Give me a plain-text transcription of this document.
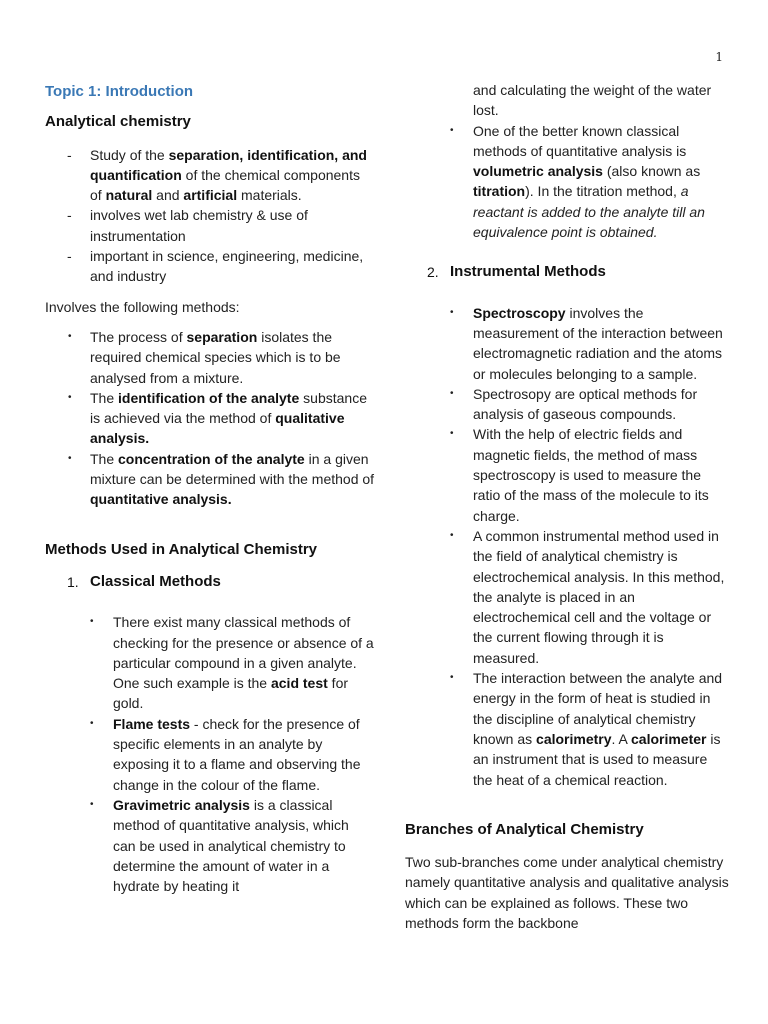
1
Topic 1: Introduction
Analytical chemistry
- Study of the separation, identification, and quantification of the chemical components of natural and artificial materials.
- involves wet lab chemistry & use of instrumentation
- important in science, engineering, medicine, and industry
Involves the following methods:
• The process of separation isolates the required chemical species which is to be analysed from a mixture.
• The identification of the analyte substance is achieved via the method of qualitative analysis.
• The concentration of the analyte in a given mixture can be determined with the method of quantitative analysis.
Methods Used in Analytical Chemistry
1. Classical Methods
• There exist many classical methods of checking for the presence or absence of a particular compound in a given analyte. One such example is the acid test for gold.
• Flame tests - check for the presence of specific elements in an analyte by exposing it to a flame and observing the change in the colour of the flame.
• Gravimetric analysis is a classical method of quantitative analysis, which can be used in analytical chemistry to determine the amount of water in a hydrate by heating it
and calculating the weight of the water lost.
• One of the better known classical methods of quantitative analysis is volumetric analysis (also known as titration). In the titration method, a reactant is added to the analyte till an equivalence point is obtained.
2. Instrumental Methods
• Spectroscopy involves the measurement of the interaction between electromagnetic radiation and the atoms or molecules belonging to a sample.
• Spectrosopy are optical methods for analysis of gaseous compounds.
• With the help of electric fields and magnetic fields, the method of mass spectroscopy is used to measure the ratio of the mass of the molecule to its charge.
• A common instrumental method used in the field of analytical chemistry is electrochemical analysis. In this method, the analyte is placed in an electrochemical cell and the voltage or the current flowing through it is measured.
• The interaction between the analyte and energy in the form of heat is studied in the discipline of analytical chemistry known as calorimetry. A calorimeter is an instrument that is used to measure the heat of a chemical reaction.
Branches of Analytical Chemistry
Two sub-branches come under analytical chemistry namely quantitative analysis and qualitative analysis which can be explained as follows. These two methods form the backbone
